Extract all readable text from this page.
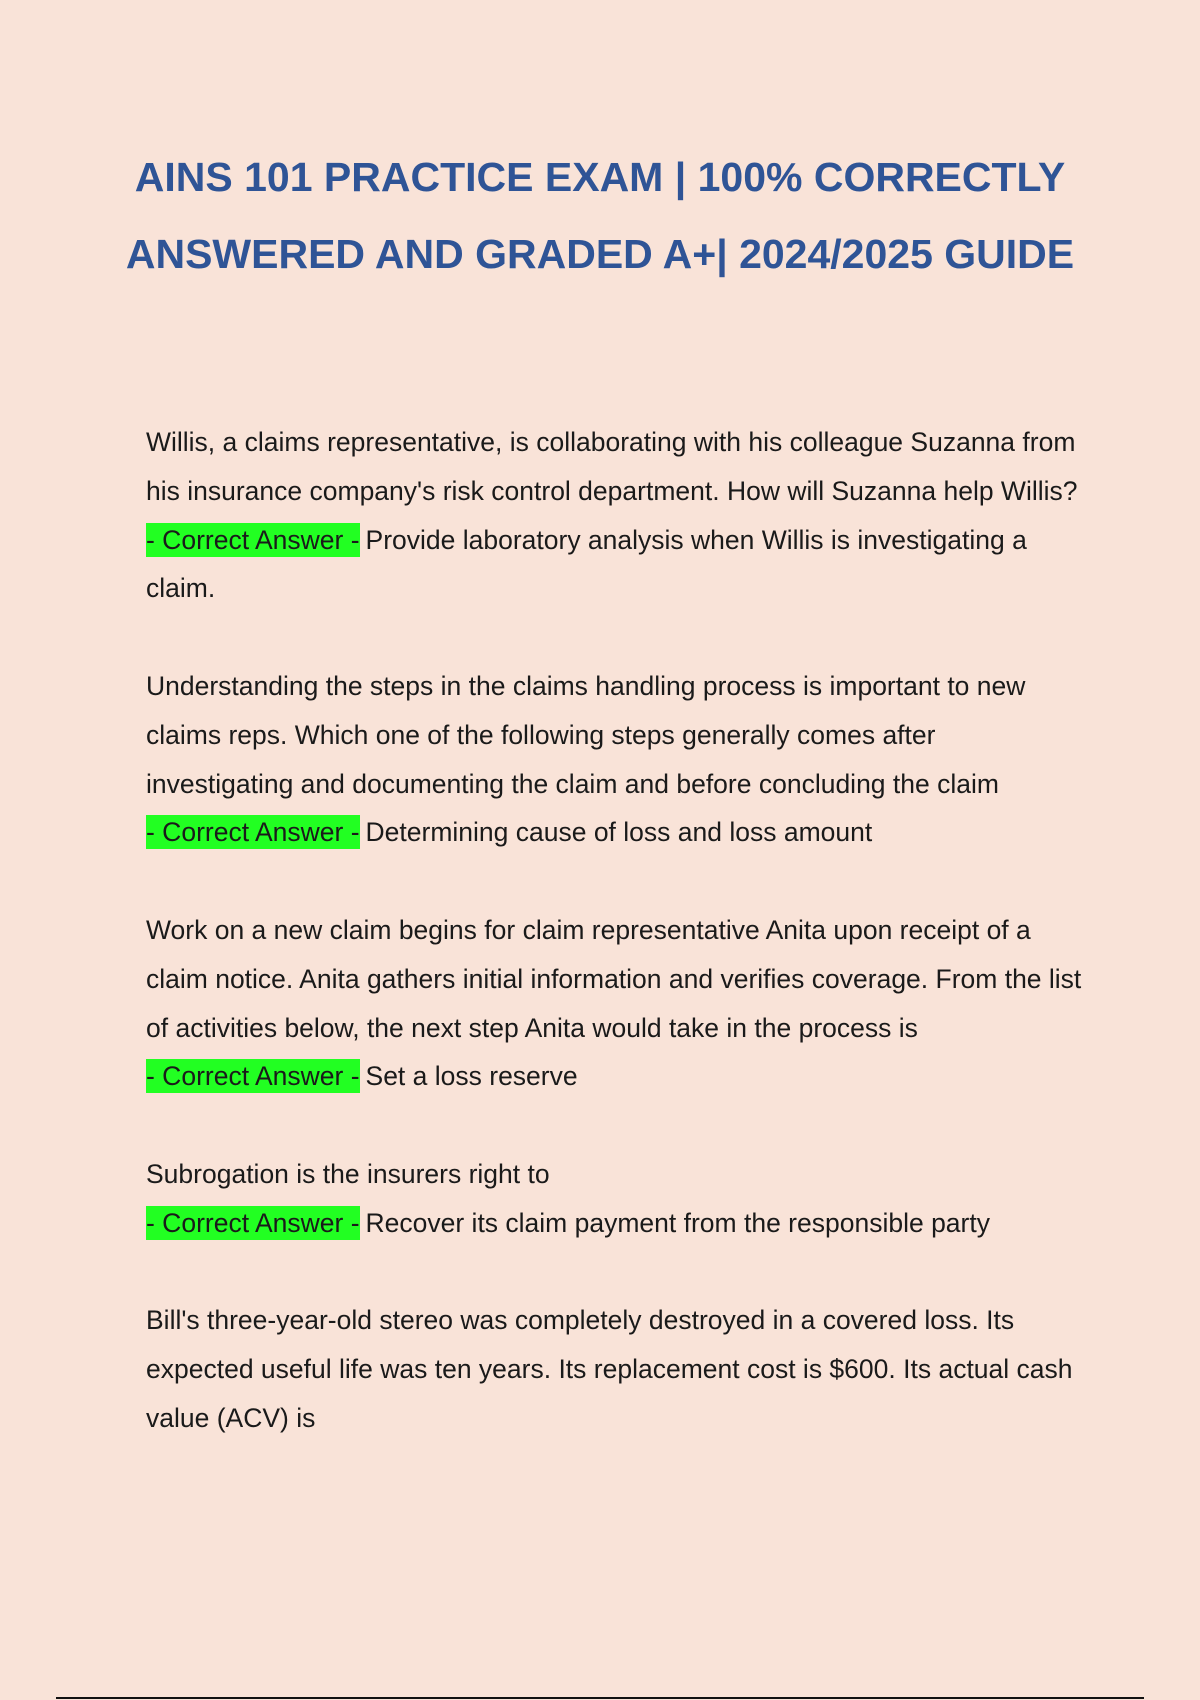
AINS 101 PRACTICE EXAM | 100% CORRECTLY ANSWERED AND GRADED A+| 2024/2025 GUIDE

Willis, a claims representative, is collaborating with his colleague Suzanna from his insurance company's risk control department. How will Suzanna help Willis?

- Correct Answer - Provide laboratory analysis when Willis is investigating a claim.

Understanding the steps in the claims handling process is important to new claims reps. Which one of the following steps generally comes after investigating and documenting the claim and before concluding the claim

- Correct Answer - Determining cause of loss and loss amount

Work on a new claim begins for claim representative Anita upon receipt of a claim notice. Anita gathers initial information and verifies coverage. From the list of activities below, the next step Anita would take in the process is

- Correct Answer - Set a loss reserve

Subrogation is the insurers right to

- Correct Answer - Recover its claim payment from the responsible party

Bill's three-year-old stereo was completely destroyed in a covered loss. Its expected useful life was ten years. Its replacement cost is $600. Its actual cash value (ACV) is
